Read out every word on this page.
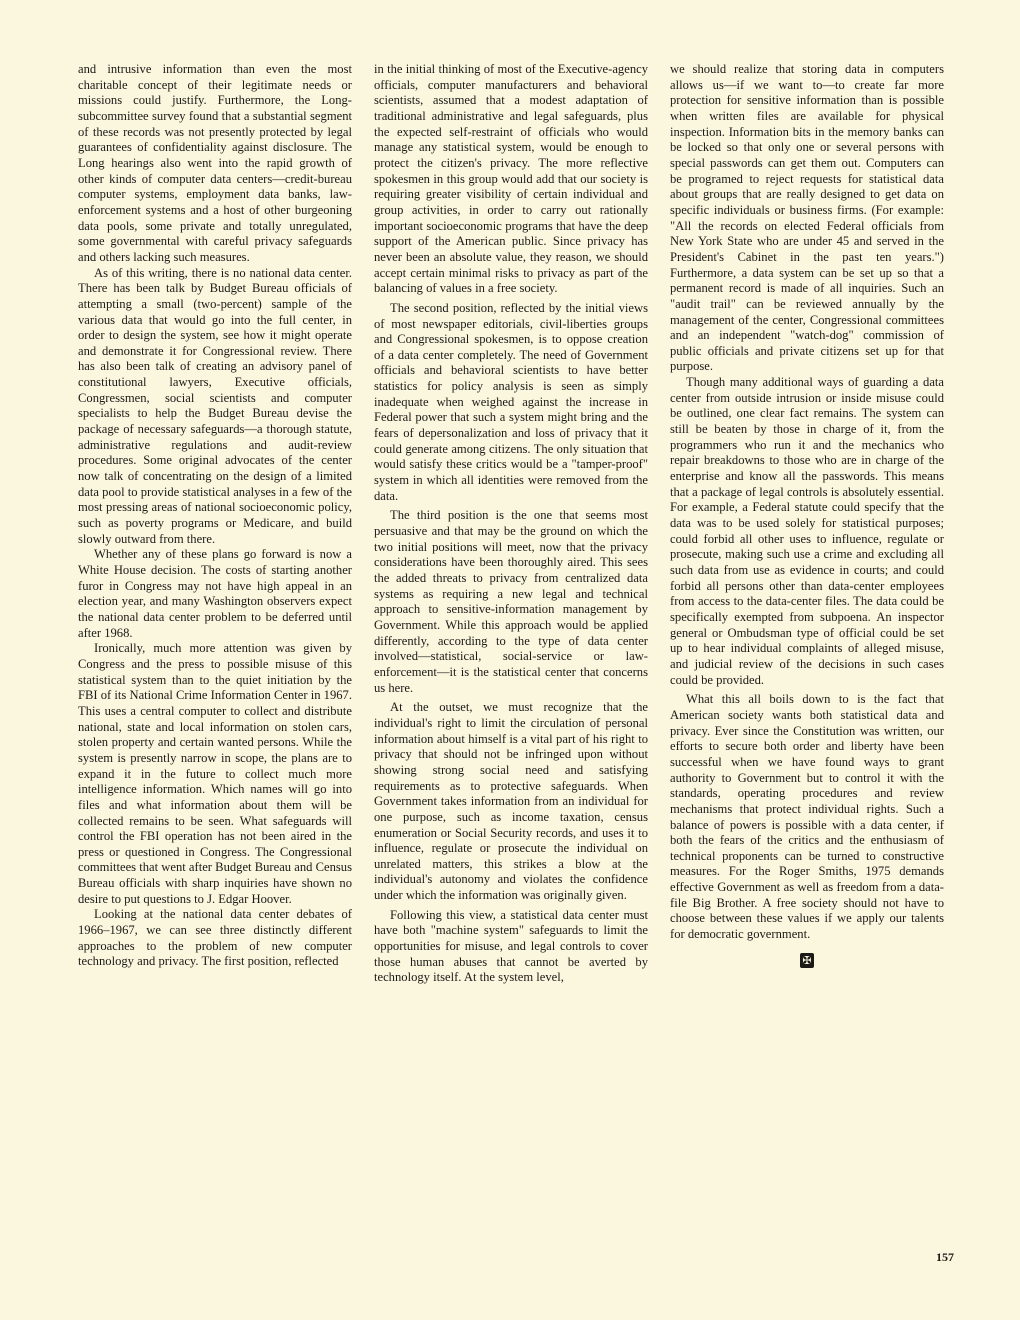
and intrusive information than even the most charitable concept of their legitimate needs or missions could justify. Furthermore, the Long-subcommittee survey found that a substantial segment of these records was not presently protected by legal guarantees of confidentiality against disclosure. The Long hearings also went into the rapid growth of other kinds of computer data centers—credit-bureau computer systems, employment data banks, law-enforcement systems and a host of other burgeoning data pools, some private and totally unregulated, some governmental with careful privacy safeguards and others lacking such measures.

As of this writing, there is no national data center. There has been talk by Budget Bureau officials of attempting a small (two-percent) sample of the various data that would go into the full center, in order to design the system, see how it might operate and demonstrate it for Congressional review. There has also been talk of creating an advisory panel of constitutional lawyers, Executive officials, Congressmen, social scientists and computer specialists to help the Budget Bureau devise the package of necessary safeguards—a thorough statute, administrative regulations and audit-review procedures. Some original advocates of the center now talk of concentrating on the design of a limited data pool to provide statistical analyses in a few of the most pressing areas of national socioeconomic policy, such as poverty programs or Medicare, and build slowly outward from there.

Whether any of these plans go forward is now a White House decision. The costs of starting another furor in Congress may not have high appeal in an election year, and many Washington observers expect the national data center problem to be deferred until after 1968.

Ironically, much more attention was given by Congress and the press to possible misuse of this statistical system than to the quiet initiation by the FBI of its National Crime Information Center in 1967. This uses a central computer to collect and distribute national, state and local information on stolen cars, stolen property and certain wanted persons. While the system is presently narrow in scope, the plans are to expand it in the future to collect much more intelligence information. Which names will go into files and what information about them will be collected remains to be seen. What safeguards will control the FBI operation has not been aired in the press or questioned in Congress. The Congressional committees that went after Budget Bureau and Census Bureau officials with sharp inquiries have shown no desire to put questions to J. Edgar Hoover.

Looking at the national data center debates of 1966–1967, we can see three distinctly different approaches to the problem of new computer technology and privacy. The first position, reflected

in the initial thinking of most of the Executive-agency officials, computer manufacturers and behavioral scientists, assumed that a modest adaptation of traditional administrative and legal safeguards, plus the expected self-restraint of officials who would manage any statistical system, would be enough to protect the citizen's privacy. The more reflective spokesmen in this group would add that our society is requiring greater visibility of certain individual and group activities, in order to carry out rationally important socioeconomic programs that have the deep support of the American public. Since privacy has never been an absolute value, they reason, we should accept certain minimal risks to privacy as part of the balancing of values in a free society.

The second position, reflected by the initial views of most newspaper editorials, civil-liberties groups and Congressional spokesmen, is to oppose creation of a data center completely. The need of Government officials and behavioral scientists to have better statistics for policy analysis is seen as simply inadequate when weighed against the increase in Federal power that such a system might bring and the fears of depersonalization and loss of privacy that it could generate among citizens. The only situation that would satisfy these critics would be a "tamper-proof" system in which all identities were removed from the data.

The third position is the one that seems most persuasive and that may be the ground on which the two initial positions will meet, now that the privacy considerations have been thoroughly aired. This sees the added threats to privacy from centralized data systems as requiring a new legal and technical approach to sensitive-information management by Government. While this approach would be applied differently, according to the type of data center involved—statistical, social-service or law-enforcement—it is the statistical center that concerns us here.

At the outset, we must recognize that the individual's right to limit the circulation of personal information about himself is a vital part of his right to privacy that should not be infringed upon without showing strong social need and satisfying requirements as to protective safeguards. When Government takes information from an individual for one purpose, such as income taxation, census enumeration or Social Security records, and uses it to influence, regulate or prosecute the individual on unrelated matters, this strikes a blow at the individual's autonomy and violates the confidence under which the information was originally given.

Following this view, a statistical data center must have both "machine system" safeguards to limit the opportunities for misuse, and legal controls to cover those human abuses that cannot be averted by technology itself. At the system level,

we should realize that storing data in computers allows us—if we want to—to create far more protection for sensitive information than is possible when written files are available for physical inspection. Information bits in the memory banks can be locked so that only one or several persons with special passwords can get them out. Computers can be programed to reject requests for statistical data about groups that are really designed to get data on specific individuals or business firms. (For example: "All the records on elected Federal officials from New York State who are under 45 and served in the President's Cabinet in the past ten years.") Furthermore, a data system can be set up so that a permanent record is made of all inquiries. Such an "audit trail" can be reviewed annually by the management of the center, Congressional committees and an independent "watch-dog" commission of public officials and private citizens set up for that purpose.

Though many additional ways of guarding a data center from outside intrusion or inside misuse could be outlined, one clear fact remains. The system can still be beaten by those in charge of it, from the programmers who run it and the mechanics who repair breakdowns to those who are in charge of the enterprise and know all the passwords. This means that a package of legal controls is absolutely essential. For example, a Federal statute could specify that the data was to be used solely for statistical purposes; could forbid all other uses to influence, regulate or prosecute, making such use a crime and excluding all such data from use as evidence in courts; and could forbid all persons other than data-center employees from access to the data-center files. The data could be specifically exempted from subpoena. An inspector general or Ombudsman type of official could be set up to hear individual complaints of alleged misuse, and judicial review of the decisions in such cases could be provided.

What this all boils down to is the fact that American society wants both statistical data and privacy. Ever since the Constitution was written, our efforts to secure both order and liberty have been successful when we have found ways to grant authority to Government but to control it with the standards, operating procedures and review mechanisms that protect individual rights. Such a balance of powers is possible with a data center, if both the fears of the critics and the enthusiasm of technical proponents can be turned to constructive measures. For the Roger Smiths, 1975 demands effective Government as well as freedom from a data-file Big Brother. A free society should not have to choose between these values if we apply our talents for democratic government.

✠
157
